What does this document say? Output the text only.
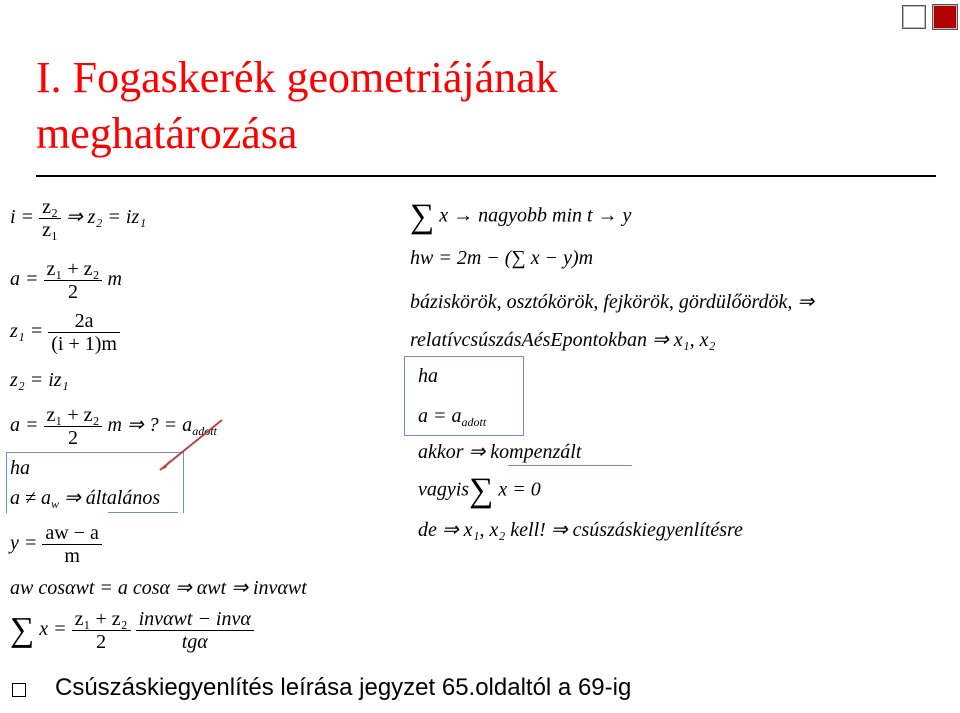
I. Fogaskerék geometriájának
meghatározása
$i = \frac{\text{z₂}}{\text{z₁}}$ ⇒ z₂ = iz₁
$a = \frac{\text{z₁ + z₂}}{2}$ m
$z_1 = \frac{2a}{(i + 1)m}$
z₂ = iz₁
$a = \frac{\text{z₁ + z₂}}{2}$ m ⇒ ? = $a_{adott}$
ha
$a \ne a_w$ ⇒ általános
$y = \frac{aw - a}{m}$
aw cosαwt = a cosα ⇒ αwt ⇒ invαwt
∑ $x = \frac{\text{z₁ + z₂}}{2}$
$\frac{\text{invαwt − invα}}{\text{tgα}}$
∑ x → nagyobb min t → y
hw = 2m − (∑ x − y)m
báziskörök, osztókörök, fejkörök, gördülőördök, ⇒
relatívcsúszásAésEpontokban ⇒ x₁, x₂
ha
$a = a_{adott}$
akkor ⇒ kompenzált
vagyis∑ x = 0
de ⇒ x₁, x₂ kell! ⇒ csúszáskiegyenlítésre
Csúszáskiegyenlítés leírása jegyzet 65.oldaltól a 69-ig
